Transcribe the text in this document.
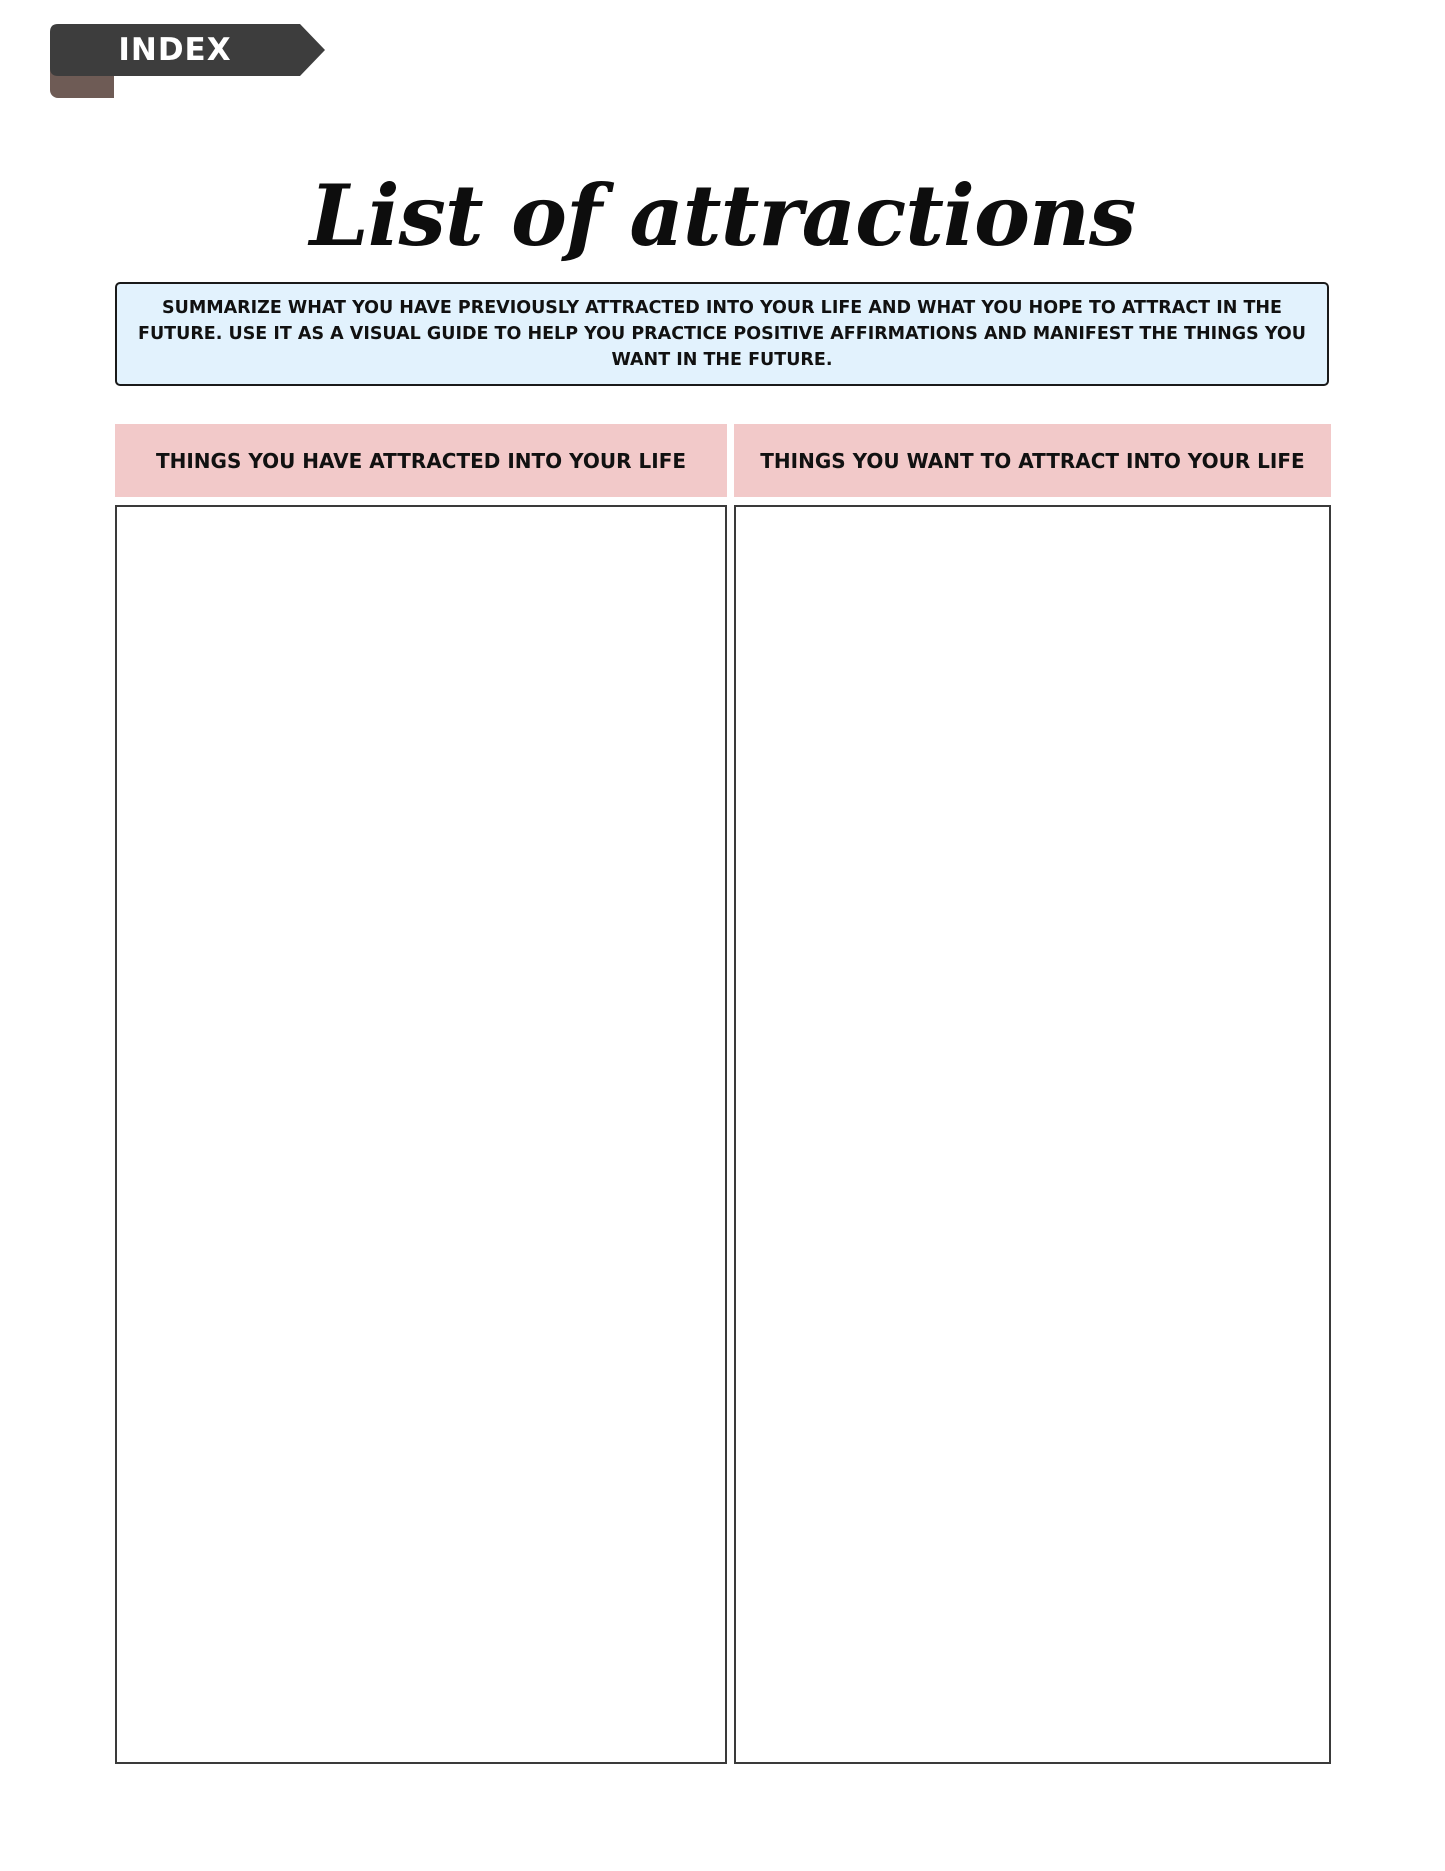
INDEX
List of attractions

SUMMARIZE WHAT YOU HAVE PREVIOUSLY ATTRACTED INTO YOUR LIFE AND WHAT YOU HOPE TO ATTRACT IN THE FUTURE. USE IT AS A VISUAL GUIDE TO HELP YOU PRACTICE POSITIVE AFFIRMATIONS AND MANIFEST THE THINGS YOU WANT IN THE FUTURE.

THINGS YOU HAVE ATTRACTED INTO YOUR LIFE	THINGS YOU WANT TO ATTRACT INTO YOUR LIFE
